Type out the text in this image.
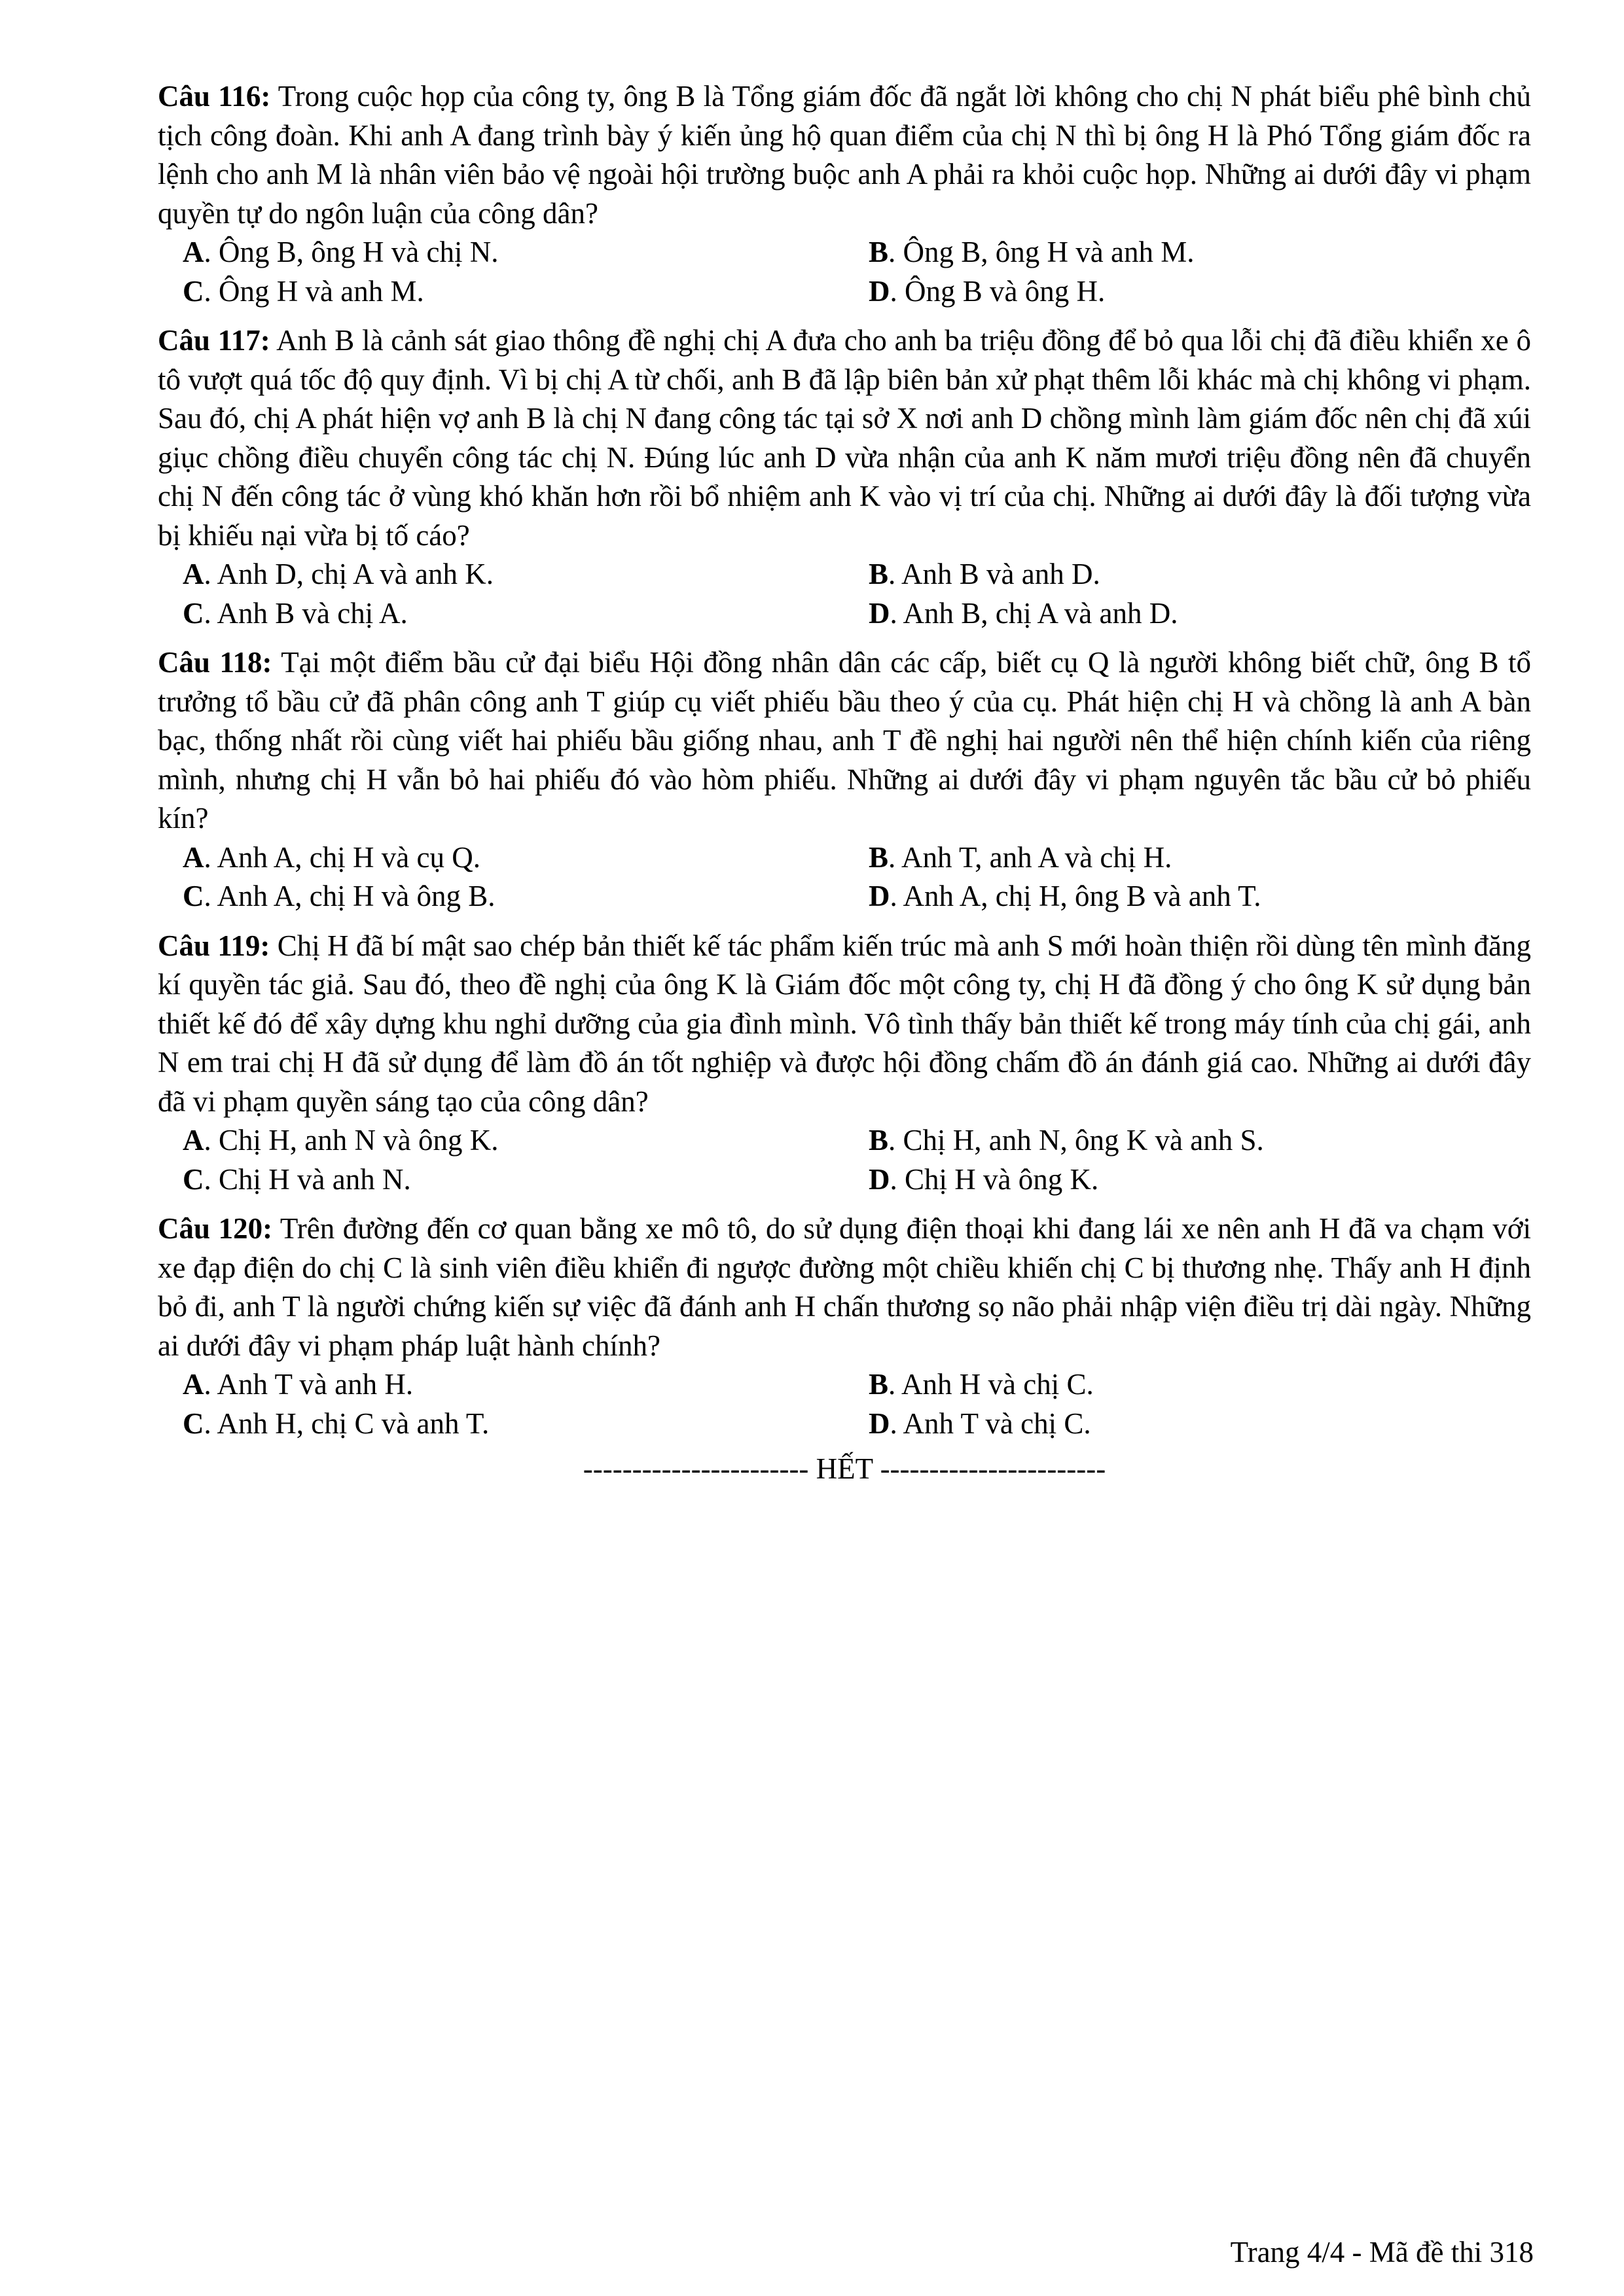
Câu 116: Trong cuộc họp của công ty, ông B là Tổng giám đốc đã ngắt lời không cho chị N phát biểu phê bình chủ tịch công đoàn. Khi anh A đang trình bày ý kiến ủng hộ quan điểm của chị N thì bị ông H là Phó Tổng giám đốc ra lệnh cho anh M là nhân viên bảo vệ ngoài hội trường buộc anh A phải ra khỏi cuộc họp. Những ai dưới đây vi phạm quyền tự do ngôn luận của công dân?

A. Ông B, ông H và chị N.	B. Ông B, ông H và anh M.
C. Ông H và anh M.	D. Ông B và ông H.

Câu 117: Anh B là cảnh sát giao thông đề nghị chị A đưa cho anh ba triệu đồng để bỏ qua lỗi chị đã điều khiển xe ô tô vượt quá tốc độ quy định. Vì bị chị A từ chối, anh B đã lập biên bản xử phạt thêm lỗi khác mà chị không vi phạm. Sau đó, chị A phát hiện vợ anh B là chị N đang công tác tại sở X nơi anh D chồng mình làm giám đốc nên chị đã xúi giục chồng điều chuyển công tác chị N. Đúng lúc anh D vừa nhận của anh K năm mươi triệu đồng nên đã chuyển chị N đến công tác ở vùng khó khăn hơn rồi bổ nhiệm anh K vào vị trí của chị. Những ai dưới đây là đối tượng vừa bị khiếu nại vừa bị tố cáo?

A. Anh D, chị A và anh K.	B. Anh B và anh D.
C. Anh B và chị A.	D. Anh B, chị A và anh D.

Câu 118: Tại một điểm bầu cử đại biểu Hội đồng nhân dân các cấp, biết cụ Q là người không biết chữ, ông B tổ trưởng tổ bầu cử đã phân công anh T giúp cụ viết phiếu bầu theo ý của cụ. Phát hiện chị H và chồng là anh A bàn bạc, thống nhất rồi cùng viết hai phiếu bầu giống nhau, anh T đề nghị hai người nên thể hiện chính kiến của riêng mình, nhưng chị H vẫn bỏ hai phiếu đó vào hòm phiếu. Những ai dưới đây vi phạm nguyên tắc bầu cử bỏ phiếu kín?

A. Anh A, chị H và cụ Q.	B. Anh T, anh A và chị H.
C. Anh A, chị H và ông B.	D. Anh A, chị H, ông B và anh T.

Câu 119: Chị H đã bí mật sao chép bản thiết kế tác phẩm kiến trúc mà anh S mới hoàn thiện rồi dùng tên mình đăng kí quyền tác giả. Sau đó, theo đề nghị của ông K là Giám đốc một công ty, chị H đã đồng ý cho ông K sử dụng bản thiết kế đó để xây dựng khu nghỉ dưỡng của gia đình mình. Vô tình thấy bản thiết kế trong máy tính của chị gái, anh N em trai chị H đã sử dụng để làm đồ án tốt nghiệp và được hội đồng chấm đồ án đánh giá cao. Những ai dưới đây đã vi phạm quyền sáng tạo của công dân?

A. Chị H, anh N và ông K.	B. Chị H, anh N, ông K và anh S.
C. Chị H và anh N.	D. Chị H và ông K.

Câu 120: Trên đường đến cơ quan bằng xe mô tô, do sử dụng điện thoại khi đang lái xe nên anh H đã va chạm với xe đạp điện do chị C là sinh viên điều khiển đi ngược đường một chiều khiến chị C bị thương nhẹ. Thấy anh H định bỏ đi, anh T là người chứng kiến sự việc đã đánh anh H chấn thương sọ não phải nhập viện điều trị dài ngày. Những ai dưới đây vi phạm pháp luật hành chính?

A. Anh T và anh H.	B. Anh H và chị C.
C. Anh H, chị C và anh T.	D. Anh T và chị C.
----------------------- HẾT -----------------------
Trang 4/4 - Mã đề thi 318
